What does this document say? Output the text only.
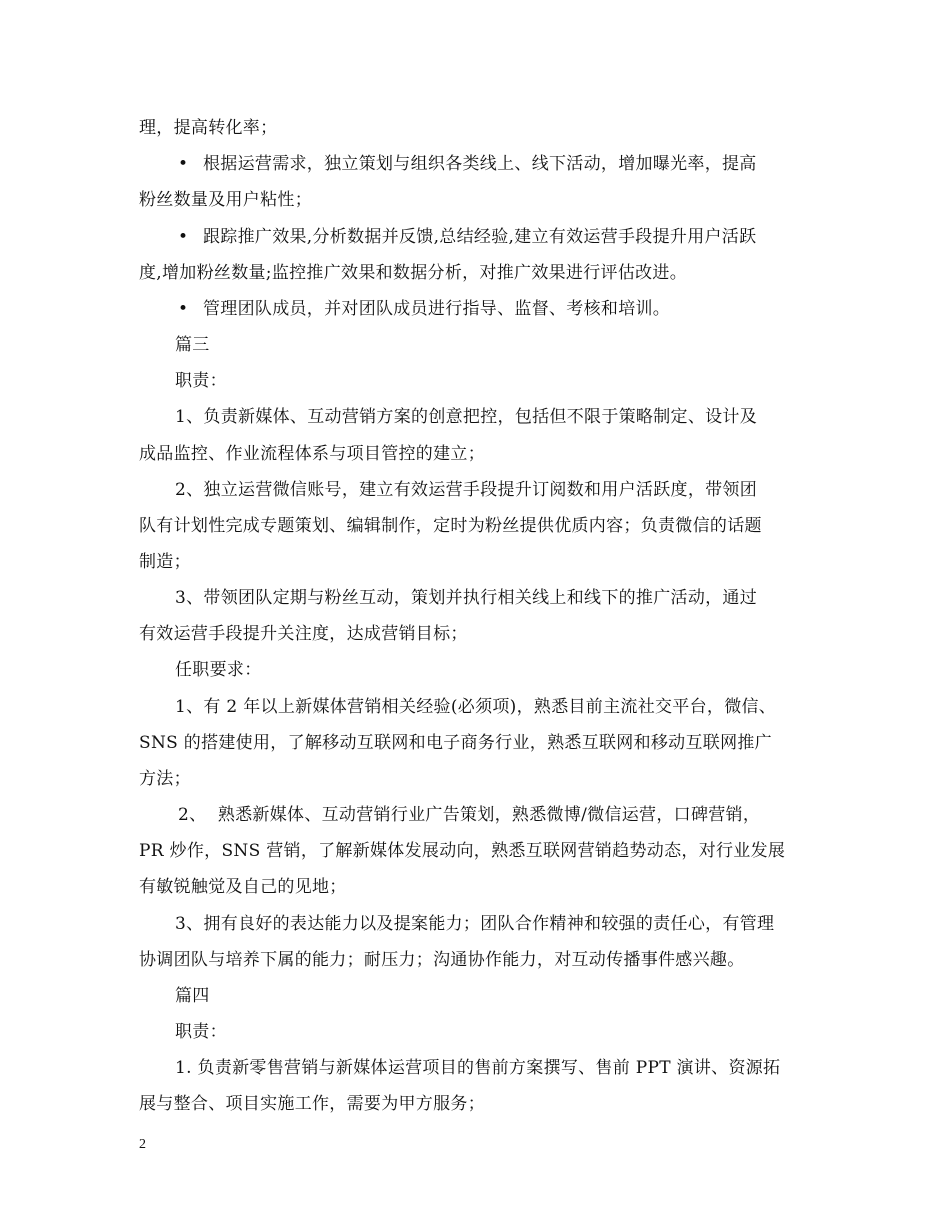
理，提高转化率；
• 根据运营需求，独立策划与组织各类线上、线下活动，增加曝光率，提高
粉丝数量及用户粘性；
• 跟踪推广效果,分析数据并反馈,总结经验,建立有效运营手段提升用户活跃
度,增加粉丝数量;监控推广效果和数据分析，对推广效果进行评估改进。
• 管理团队成员，并对团队成员进行指导、监督、考核和培训。
篇三
职责：
1、负责新媒体、互动营销方案的创意把控，包括但不限于策略制定、设计及
成品监控、作业流程体系与项目管控的建立；
2、独立运营微信账号，建立有效运营手段提升订阅数和用户活跃度，带领团
队有计划性完成专题策划、编辑制作，定时为粉丝提供优质内容；负责微信的话题
制造；
3、带领团队定期与粉丝互动，策划并执行相关线上和线下的推广活动，通过
有效运营手段提升关注度，达成营销目标；
任职要求：
1、有 2 年以上新媒体营销相关经验(必须项)，熟悉目前主流社交平台，微信、
SNS 的搭建使用，了解移动互联网和电子商务行业，熟悉互联网和移动互联网推广
方法；
2、  熟悉新媒体、互动营销行业广告策划，熟悉微博/微信运营，口碑营销，
PR 炒作，SNS 营销，了解新媒体发展动向，熟悉互联网营销趋势动态，对行业发展
有敏锐触觉及自己的见地；
3、拥有良好的表达能力以及提案能力；团队合作精神和较强的责任心，有管理
协调团队与培养下属的能力；耐压力；沟通协作能力，对互动传播事件感兴趣。
篇四
职责：
1. 负责新零售营销与新媒体运营项目的售前方案撰写、售前 PPT 演讲、资源拓
展与整合、项目实施工作，需要为甲方服务；
2
